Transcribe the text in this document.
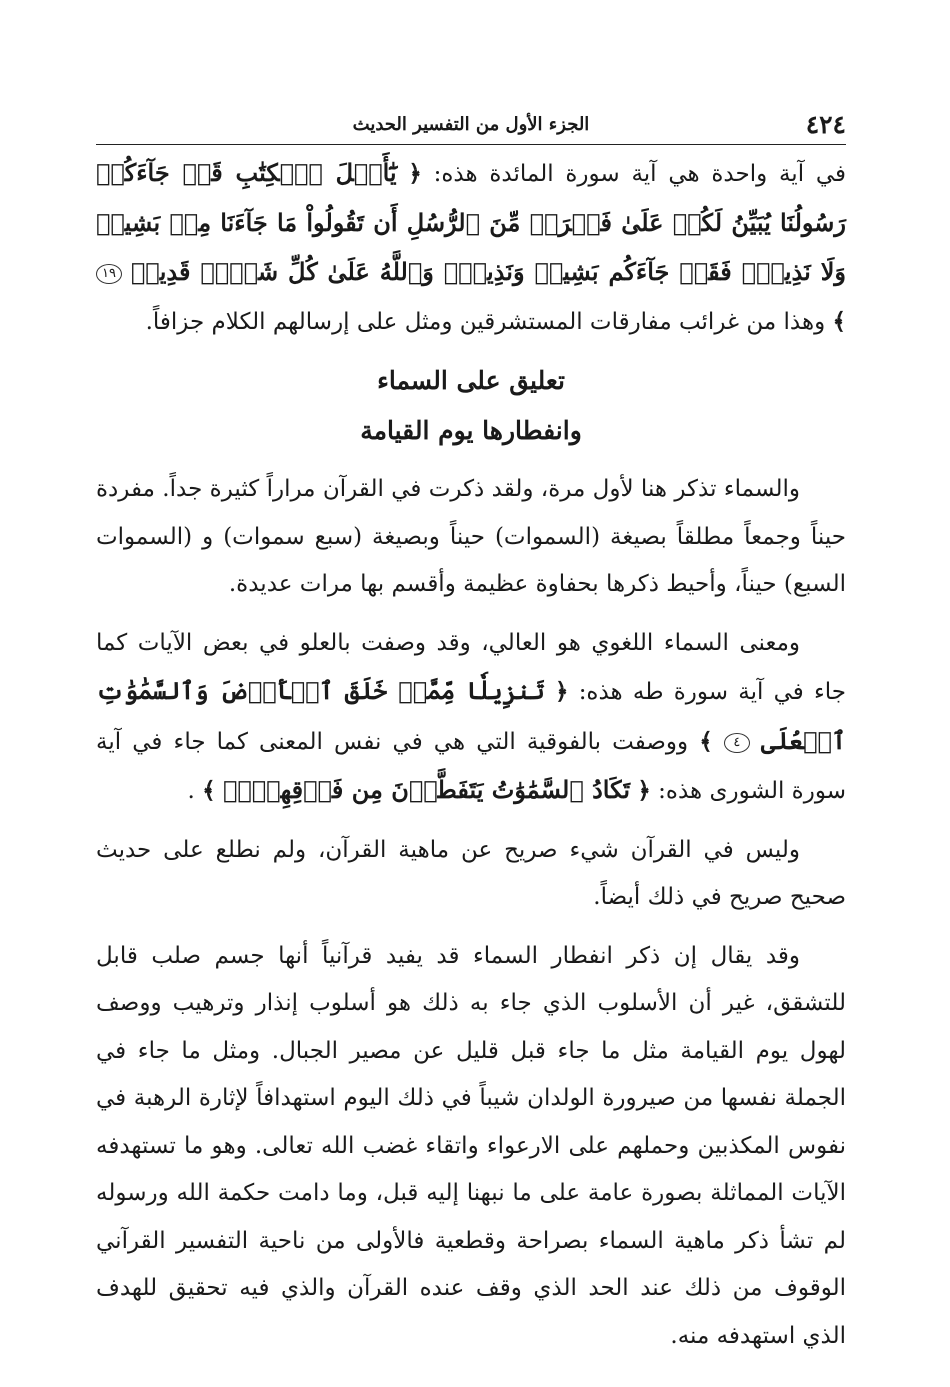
٤٢٤
الجزء الأول من التفسير الحديث

في آية واحدة هي آية سورة المائدة هذه: ﴿ يَٰٓأَهۡلَ ٱلۡكِتَٰبِ قَدۡ جَآءَكُمۡ رَسُولُنَا يُبَيِّنُ لَكُمۡ عَلَىٰ فَتۡرَةٖ مِّنَ ٱلرُّسُلِ أَن تَقُولُواْ مَا جَآءَنَا مِنۢ بَشِيرٖ وَلَا نَذِيرٖۖ فَقَدۡ جَآءَكُم بَشِيرٞ وَنَذِيرٞۗ وَٱللَّهُ عَلَىٰ كُلِّ شَيۡءٖ قَدِيرٞ ١٩ ﴾ وهذا من غرائب مفارقات المستشرقين ومثل على إرسالهم الكلام جزافاً.

تعليق على السماء
وانفطارها يوم القيامة

والسماء تذكر هنا لأول مرة، ولقد ذكرت في القرآن مراراً كثيرة جداً. مفردة حيناً وجمعاً مطلقاً بصيغة (السموات) حيناً وبصيغة (سبع سموات) و (السموات السبع) حيناً، وأحيط ذكرها بحفاوة عظيمة وأقسم بها مرات عديدة.

ومعنى السماء اللغوي هو العالي، وقد وصفت بالعلو في بعض الآيات كما جاء في آية سورة طه هذه: ﴿ تَنزِيلٗا مِّمَّنۡ خَلَقَ ٱلۡأَرۡضَ وَٱلسَّمَٰوَٰتِ ٱلۡعُلَى ٤ ﴾ ووصفت بالفوقية التي هي في نفس المعنى كما جاء في آية سورة الشورى هذه: ﴿ تَكَادُ ٱلسَّمَٰوَٰتُ يَتَفَطَّرۡنَ مِن فَوۡقِهِنَّۚ ﴾ .

وليس في القرآن شيء صريح عن ماهية القرآن، ولم نطلع على حديث صحيح صريح في ذلك أيضاً.

وقد يقال إن ذكر انفطار السماء قد يفيد قرآنياً أنها جسم صلب قابل للتشقق، غير أن الأسلوب الذي جاء به ذلك هو أسلوب إنذار وترهيب ووصف لهول يوم القيامة مثل ما جاء قبل قليل عن مصير الجبال. ومثل ما جاء في الجملة نفسها من صيرورة الولدان شيباً في ذلك اليوم استهدافاً لإثارة الرهبة في نفوس المكذبين وحملهم على الارعواء واتقاء غضب الله تعالى. وهو ما تستهدفه الآيات المماثلة بصورة عامة على ما نبهنا إليه قبل، وما دامت حكمة الله ورسوله لم تشأ ذكر ماهية السماء بصراحة وقطعية فالأولى من ناحية التفسير القرآني الوقوف من ذلك عند الحد الذي وقف عنده القرآن والذي فيه تحقيق للهدف الذي استهدفه منه.
